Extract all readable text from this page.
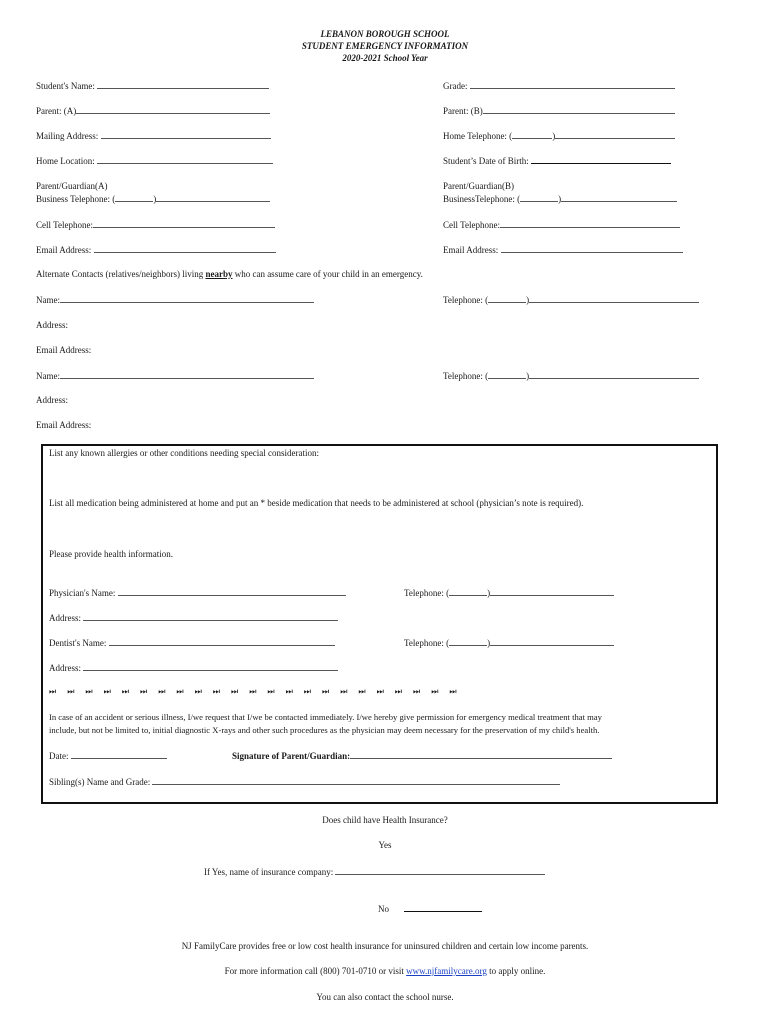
LEBANON BOROUGH SCHOOL
STUDENT EMERGENCY INFORMATION
2020-2021 School Year
Student's Name:	Grade:
Parent: (A)	Parent: (B)
Mailing Address:	Home Telephone: (	)
Home Location:	Student’s Date of Birth:
Parent/Guardian(A)
Business Telephone: (	)
Parent/Guardian(B)
BusinessTelephone: (	)
Cell Telephone:	Cell Telephone:
Email Address:	Email Address:
Alternate Contacts (relatives/neighbors) living nearby who can assume care of your child in an emergency.
Name:	Telephone: (	)
Address:
Email Address:
Name:	Telephone: (	)
Address:
Email Address:
List any known allergies or other conditions needing special consideration:
List all medication being administered at home and put an * beside medication that needs to be administered at school (physician’s note is required).
Please provide health information.
Physician's Name:	Telephone: (	)
Address:
Dentist's Name:	Telephone: (	)
Address:
⏭ ⏭ ⏭ ⏭ ⏭ ⏭ ⏭ ⏭ ⏭ ⏭ ⏭ ⏭ ⏭ ⏭ ⏭ ⏭ ⏭ ⏭ ⏭ ⏭ ⏭ ⏭ ⏭
In case of an accident or serious illness, I/we request that I/we be contacted immediately. I/we hereby give permission for emergency medical treatment that may
include, but not be limited to, initial diagnostic X-rays and other such procedures as the physician may deem necessary for the preservation of my child's health.
Date:	Signature of Parent/Guardian:
Sibling(s) Name and Grade:
Does child have Health Insurance?
Yes
If Yes, name of insurance company:
No
NJ FamilyCare provides free or low cost health insurance for uninsured children and certain low income parents.
For more information call (800) 701-0710 or visit www.njfamilycare.org to apply online.
You can also contact the school nurse.
